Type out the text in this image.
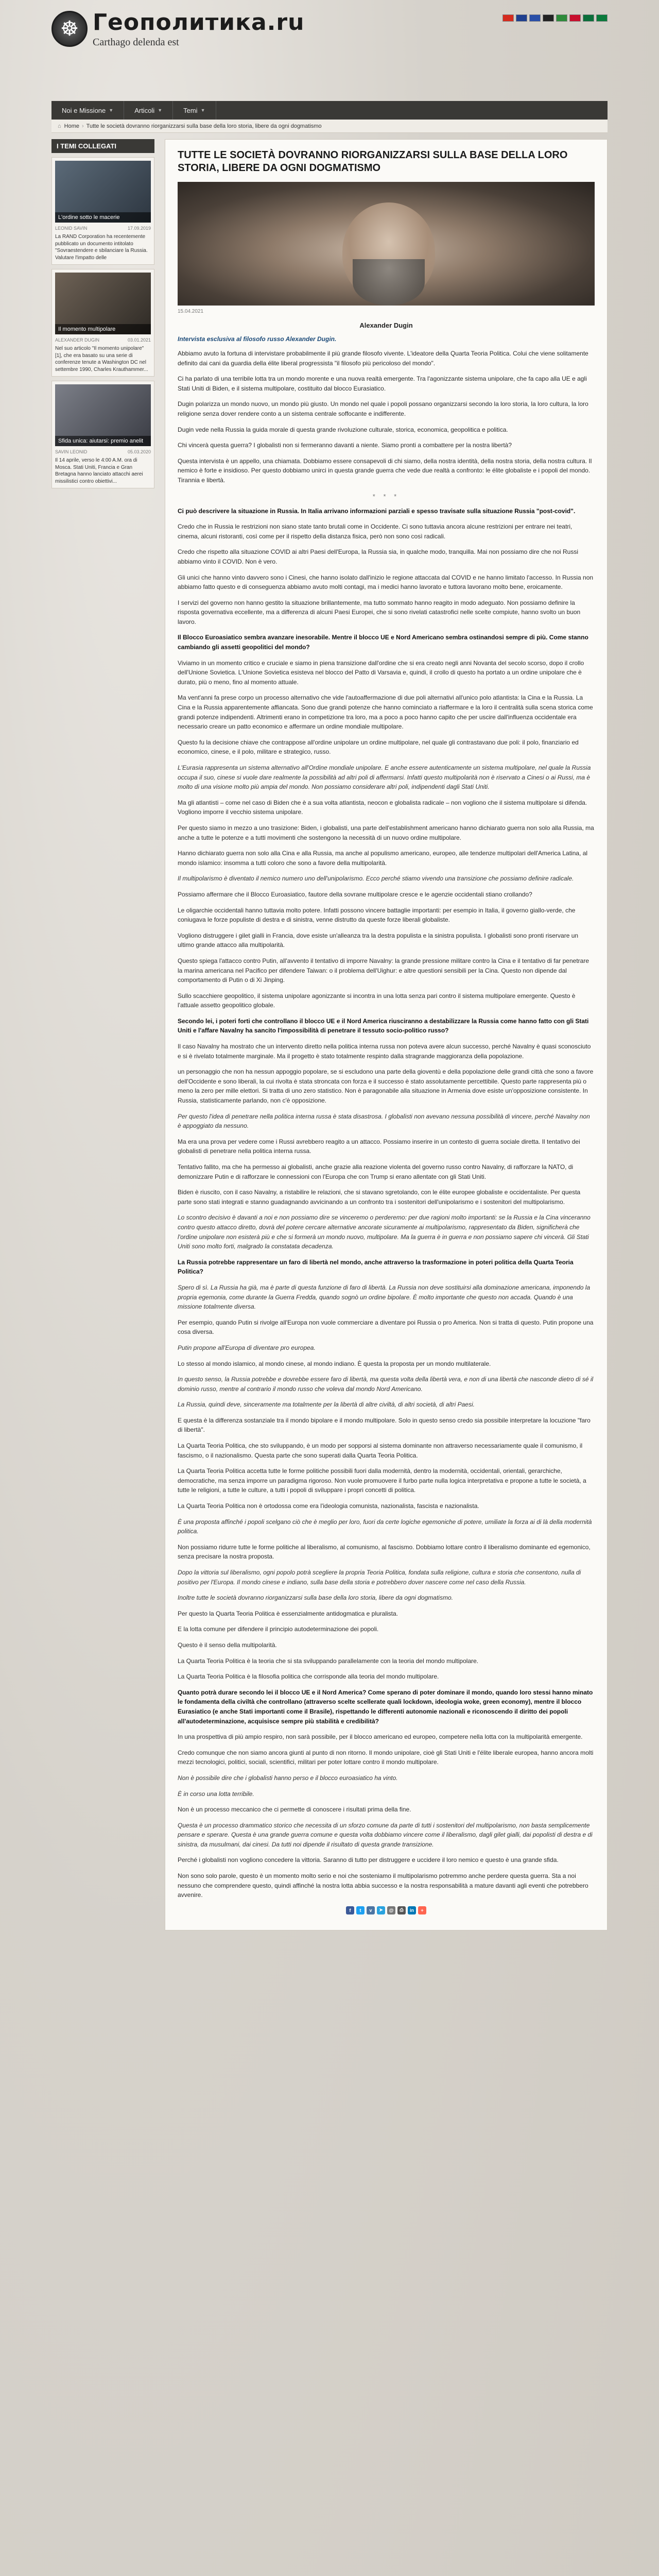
☸ Геополитика.ru
Carthago delenda est
Noi e Missione ▼	Articoli ▼	Temi ▼
⌂ Home › Tutte le società dovranno riorganizzarsi sulla base della loro storia, libere da ogni dogmatismo
I TEMI COLLEGATI
L'ordine sotto le macerie
LEONID SAVIN	17.09.2019
La RAND Corporation ha recentemente pubblicato un documento intitolato "Sovraestendere e sbilanciare la Russia. Valutare l'impatto delle
Il momento multipolare
ALEXANDER DUGIN	03.01.2021
Nel suo articolo "Il momento unipolare" [1], che era basato su una serie di conferenze tenute a Washington DC nel settembre 1990, Charles Krauthammer...
Sfida unica: aiutarsi: premio anelit
SAVIN LEONID	05.03.2020
Il 14 aprile, verso le 4:00 A.M. ora di Mosca. Stati Uniti, Francia e Gran Bretagna hanno lanciato attacchi aerei missilistici contro obiettivi...
TUTTE LE SOCIETÀ DOVRANNO RIORGANIZZARSI SULLA BASE DELLA LORO STORIA, LIBERE DA OGNI DOGMATISMO
15.04.2021
Alexander Dugin
Intervista esclusiva al filosofo russo Alexander Dugin.

Abbiamo avuto la fortuna di intervistare probabilmente il più grande filosofo vivente. L'ideatore della Quarta Teoria Politica. Colui che viene solitamente definito dai cani da guardia della élite liberal progressista "il filosofo più pericoloso del mondo".

Ci ha parlato di una terribile lotta tra un mondo morente e una nuova realtà emergente. Tra l'agonizzante sistema unipolare, che fa capo alla UE e agli Stati Uniti di Biden, e il sistema multipolare, costituito dal blocco Eurasiatico.

Dugin polarizza un mondo nuovo, un mondo più giusto. Un mondo nel quale i popoli possano organizzarsi secondo la loro storia, la loro cultura, la loro religione senza dover rendere conto a un sistema centrale soffocante e indifferente.

Dugin vede nella Russia la guida morale di questa grande rivoluzione culturale, storica, economica, geopolitica e politica.

Chi vincerà questa guerra? I globalisti non si fermeranno davanti a niente. Siamo pronti a combattere per la nostra libertà?

Questa intervista è un appello, una chiamata. Dobbiamo essere consapevoli di chi siamo, della nostra identità, della nostra storia, della nostra cultura. Il nemico è forte e insidioso. Per questo dobbiamo unirci in questa grande guerra che vede due realtà a confronto: le élite globaliste e i popoli del mondo. Tirannia e libertà.

* * *

Ci può descrivere la situazione in Russia. In Italia arrivano informazioni parziali e spesso travisate sulla situazione Russia "post-covid".

Credo che in Russia le restrizioni non siano state tanto brutali come in Occidente. Ci sono tuttavia ancora alcune restrizioni per entrare nei teatri, cinema, alcuni ristoranti, così come per il rispetto della distanza fisica, però non sono così radicali.

Credo che rispetto alla situazione COVID ai altri Paesi dell'Europa, la Russia sia, in qualche modo, tranquilla. Mai non possiamo dire che noi Russi abbiamo vinto il COVID. Non è vero.

Gli unici che hanno vinto davvero sono i Cinesi, che hanno isolato dall'inizio le regione attaccata dal COVID e ne hanno limitato l'accesso. In Russia non abbiamo fatto questo e di conseguenza abbiamo avuto molti contagi, ma i medici hanno lavorato e tuttora lavorano molto bene, eroicamente.

I servizi del governo non hanno gestito la situazione brillantemente, ma tutto sommato hanno reagito in modo adeguato. Non possiamo definire la risposta governativa eccellente, ma a differenza di alcuni Paesi Europei, che si sono rivelati catastrofici nelle scelte compiute, hanno svolto un buon lavoro.

Il Blocco Euroasiatico sembra avanzare inesorabile. Mentre il blocco UE e Nord Americano sembra ostinandosi sempre di più. Come stanno cambiando gli assetti geopolitici del mondo?

Viviamo in un momento critico e cruciale e siamo in piena transizione dall'ordine che si era creato negli anni Novanta del secolo scorso, dopo il crollo dell'Unione Sovietica. L'Unione Sovietica esisteva nel blocco del Patto di Varsavia e, quindi, il crollo di questo ha portato a un ordine unipolare che è durato, più o meno, fino al momento attuale.

Ma vent'anni fa prese corpo un processo alternativo che vide l'autoaffermazione di due poli alternativi all'unico polo atlantista: la Cina e la Russia. La Cina e la Russia apparentemente affiancata. Sono due grandi potenze che hanno cominciato a riaffermare e la loro il centralità sulla scena storica come grandi potenze indipendenti. Altrimenti erano in competizione tra loro, ma a poco a poco hanno capito che per uscire dall'influenza occidentale era necessario creare un patto economico e affermare un ordine mondiale multipolare.

Questo fu la decisione chiave che contrappose all'ordine unipolare un ordine multipolare, nel quale gli contrastavano due poli: il polo, finanziario ed economico, cinese, e il polo, militare e strategico, russo.

L'Eurasia rappresenta un sistema alternativo all'Ordine mondiale unipolare. E anche essere autenticamente un sistema multipolare, nel quale la Russia occupa il suo, cinese si vuole dare realmente la possibilità ad altri poli di affermarsi. Infatti questo multipolarità non è riservato a Cinesi o ai Russi, ma è molto di una visione molto più ampia del mondo. Non possiamo considerare altri poli, indipendenti dagli Stati Uniti.

Ma gli atlantisti – come nel caso di Biden che è a sua volta atlantista, neocon e globalista radicale – non vogliono che il sistema multipolare si difenda. Vogliono imporre il vecchio sistema unipolare.

Per questo siamo in mezzo a uno trasizione: Biden, i globalisti, una parte dell'establishment americano hanno dichiarato guerra non solo alla Russia, ma anche a tutte le potenze e a tutti movimenti che sostengono la necessità di un nuovo ordine multipolare.

Hanno dichiarato guerra non solo alla Cina e alla Russia, ma anche al populismo americano, europeo, alle tendenze multipolari dell'America Latina, al mondo islamico: insomma a tutti coloro che sono a favore della multipolarità.

Il multipolarismo è diventato il nemico numero uno dell'unipolarismo. Ecco perché stiamo vivendo una transizione che possiamo definire radicale.

Possiamo affermare che il Blocco Euroasiatico, fautore della sovrane multipolare cresce e le agenzie occidentali stiano crollando?

Le oligarchie occidentali hanno tuttavia molto potere. Infatti possono vincere battaglie importanti: per esempio in Italia, il governo giallo-verde, che coniugava le forze populiste di destra e di sinistra, venne distrutto da queste forze liberali globaliste.

Vogliono distruggere i gilet gialli in Francia, dove esiste un'alleanza tra la destra populista e la sinistra populista. I globalisti sono pronti riservare un ultimo grande attacco alla multipolarità.

Questo spiega l'attacco contro Putin, all'avvento il tentativo di imporre Navalny: la grande pressione militare contro la Cina e il tentativo di far penetrare la marina americana nel Pacifico per difendere Taiwan: o il problema dell'Uighur: e altre questioni sensibili per la Cina. Questo non dipende dal comportamento di Putin o di Xi Jinping.

Sullo scacchiere geopolitico, il sistema unipolare agonizzante si incontra in una lotta senza pari contro il sistema multipolare emergente. Questo è l'attuale assetto geopolitico globale.

Secondo lei, i poteri forti che controllano il blocco UE e il Nord America riusciranno a destabilizzare la Russia come hanno fatto con gli Stati Uniti e l'affare Navalny ha sancito l'impossibilità di penetrare il tessuto socio-politico russo?

Il caso Navalny ha mostrato che un intervento diretto nella politica interna russa non poteva avere alcun successo, perché Navalny è quasi sconosciuto e si è rivelato totalmente marginale. Ma il progetto è stato totalmente respinto dalla stragrande maggioranza della popolazione.

un personaggio che non ha nessun appoggio popolare, se si escludono una parte della gioventù e della popolazione delle grandi città che sono a favore dell'Occidente e sono liberali, la cui rivolta è stata stroncata con forza e il successo è stato assolutamente percettibile. Questo parte rappresenta più o meno la zero per mille elettori. Si tratta di uno zero statistico. Non è paragonabile alla situazione in Armenia dove esiste un'opposizione consistente. In Russia, statisticamente parlando, non c'è opposizione.

Per questo l'idea di penetrare nella politica interna russa è stata disastrosa. I globalisti non avevano nessuna possibilità di vincere, perché Navalny non è appoggiato da nessuno.

Ma era una prova per vedere come i Russi avrebbero reagito a un attacco. Possiamo inserire in un contesto di guerra sociale diretta. Il tentativo dei globalisti di penetrare nella politica interna russa.

Tentativo fallito, ma che ha permesso ai globalisti, anche grazie alla reazione violenta del governo russo contro Navalny, di rafforzare la NATO, di demonizzare Putin e di rafforzare le connessioni con l'Europa che con Trump si erano allentate con gli Stati Uniti.

Biden è riuscito, con il caso Navalny, a ristabilire le relazioni, che si stavano sgretolando, con le élite europee globaliste e occidentaliste. Per questa parte sono stati integrati e stanno guadagnando avvicinando a un confronto tra i sostenitori dell'unipolarismo e i sostenitori del multipolarismo.

Lo scontro decisivo è davanti a noi e non possiamo dire se vinceremo o perderemo: per due ragioni molto importanti: se la Russia e la Cina vinceranno contro questo attacco diretto, dovrà del potere cercare alternative ancorate sicuramente ai multipolarismo, rappresentato da Biden, significherà che l'ordine unipolare non esisterà più e che si formerà un mondo nuovo, multipolare. Ma la guerra è in guerra e non possiamo sapere chi vincerà. Gli Stati Uniti sono molto forti, malgrado la constatata decadenza.

La Russia potrebbe rappresentare un faro di libertà nel mondo, anche attraverso la trasformazione in poteri politica della Quarta Teoria Politica?

Spero di sì. La Russia ha già, ma è parte di questa funzione di faro di libertà. La Russia non deve sostituirsi alla dominazione americana, imponendo la propria egemonia, come durante la Guerra Fredda, quando sognò un ordine bipolare. È molto importante che questo non accada. Quando è una missione totalmente diversa.

Per esempio, quando Putin si rivolge all'Europa non vuole commerciare a diventare poi Russia o pro America. Non si tratta di questo. Putin propone una cosa diversa.

Putin propone all'Europa di diventare pro europea.

Lo stesso al mondo islamico, al mondo cinese, al mondo indiano. È questa la proposta per un mondo multilaterale.

In questo senso, la Russia potrebbe e dovrebbe essere faro di libertà, ma questa volta della libertà vera, e non di una libertà che nasconde dietro di sé il dominio russo, mentre al contrario il mondo russo che voleva dal mondo Nord Americano.

La Russia, quindi deve, sinceramente ma totalmente per la libertà di altre civiltà, di altri società, di altri Paesi.

E questa è la differenza sostanziale tra il mondo bipolare e il mondo multipolare. Solo in questo senso credo sia possibile interpretare la locuzione "faro di libertà".

La Quarta Teoria Politica, che sto sviluppando, è un modo per sopporsi al sistema dominante non attraverso necessariamente quale il comunismo, il fascismo, o il nazionalismo. Questa parte che sono superati dalla Quarta Teoria Politica.

La Quarta Teoria Politica accetta tutte le forme politiche possibili fuori dalla modernità, dentro la modernità, occidentali, orientali, gerarchiche, democratiche, ma senza imporre un paradigma rigoroso. Non vuole promuovere il furbo parte nulla logica interpretativa e propone a tutte le società, a tutte le religioni, a tutte le culture, a tutti i popoli di sviluppare i propri concetti di politica.

La Quarta Teoria Politica non è ortodossa come era l'ideologia comunista, nazionalista, fascista e nazionalista.

È una proposta affinché i popoli scelgano ciò che è meglio per loro, fuori da certe logiche egemoniche di potere, umiliate la forza ai di là della modernità politica.

Non possiamo ridurre tutte le forme politiche al liberalismo, al comunismo, al fascismo. Dobbiamo lottare contro il liberalismo dominante ed egemonico, senza precisare la nostra proposta.

Dopo la vittoria sul liberalismo, ogni popolo potrà scegliere la propria Teoria Politica, fondata sulla religione, cultura e storia che consentono, nulla di positivo per l'Europa. Il mondo cinese e indiano, sulla base della storia e potrebbero dover nascere come nel caso della Russia.

Inoltre tutte le società dovranno riorganizzarsi sulla base della loro storia, libere da ogni dogmatismo.

Per questo la Quarta Teoria Politica è essenzialmente antidogmatica e pluralista.

E la lotta comune per difendere il principio autodeterminazione dei popoli.

Questo è il senso della multipolarità.

La Quarta Teoria Politica è la teoria che si sta sviluppando parallelamente con la teoria del mondo multipolare.

La Quarta Teoria Politica è la filosofia politica che corrisponde alla teoria del mondo multipolare.

Quanto potrà durare secondo lei il blocco UE e il Nord America? Come sperano di poter dominare il mondo, quando loro stessi hanno minato le fondamenta della civiltà che controllano (attraverso scelte scellerate quali lockdown, ideologia woke, green economy), mentre il blocco Eurasiatico (e anche Stati importanti come il Brasile), rispettando le differenti autonomie nazionali e riconoscendo il diritto dei popoli all'autodeterminazione, acquisisce sempre più stabilità e credibilità?

In una prospettiva di più ampio respiro, non sarà possibile, per il blocco americano ed europeo, competere nella lotta con la multipolarità emergente.

Credo comunque che non siamo ancora giunti al punto di non ritorno. Il mondo unipolare, cioè gli Stati Uniti e l'élite liberale europea, hanno ancora molti mezzi tecnologici, politici, sociali, scientifici, militari per poter lottare contro il mondo multipolare.

Non è possibile dire che i globalisti hanno perso e il blocco euroasiatico ha vinto.

È in corso una lotta terribile.

Non è un processo meccanico che ci permette di conoscere i risultati prima della fine.

Questa è un processo drammatico storico che necessita di un sforzo comune da parte di tutti i sostenitori del multipolarismo, non basta semplicemente pensare e sperare. Questa è una grande guerra comune e questa volta dobbiamo vincere come il liberalismo, dagli gilet gialli, dai popolisti di destra e di sinistra, da musulmani, dai cinesi. Da tutti noi dipende il risultato di questa grande transizione.

Perché i globalisti non vogliono concedere la vittoria. Saranno di tutto per distruggere e uccidere il loro nemico e questo è una grande sfida.

Non sono solo parole, questo è un momento molto serio e noi che sosteniamo il multipolarismo potremmo anche perdere questa guerra. Sta a noi nessuno che comprendere questo, quindi affinché la nostra lotta abbia successo e la nostra responsabilità a mature davanti agli eventi che potrebbero avvenire.

f	t	v	➤	@	⎙	in	+
